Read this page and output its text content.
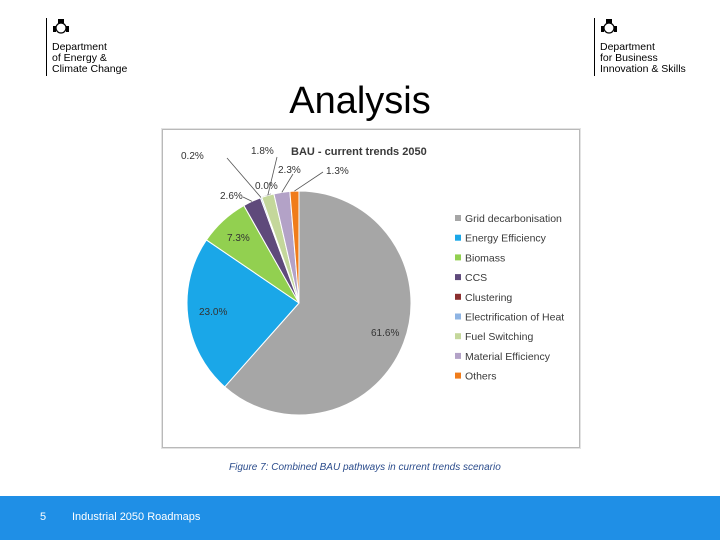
Department
of Energy &
Climate Change
Department
for Business
Innovation & Skills
Analysis
BAU - current trends 2050
61.6%
23.0%
7.3%
2.6%
0.0%
0.2%	1.8%
2.3%	1.3%
Grid decarbonisation
Energy Efficiency
Biomass
CCS
Clustering
Electrification of Heat
Fuel Switching
Material Efficiency
Others
Figure 7: Combined BAU pathways in current trends scenario
5 Industrial 2050 Roadmaps
